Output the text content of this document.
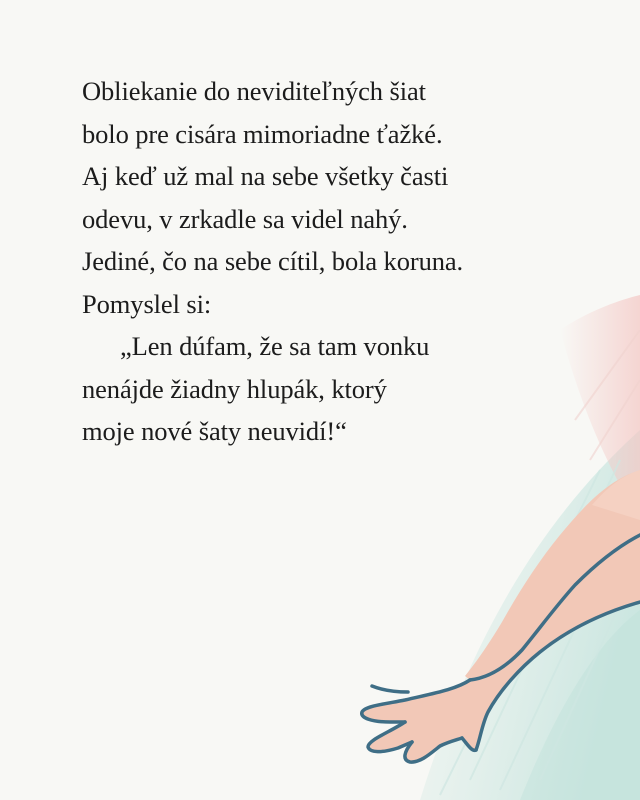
Obliekanie do neviditeľných šiat

bolo pre cisára mimoriadne ťažké.

Aj keď už mal na sebe všetky časti

odevu, v zrkadle sa videl nahý.

Jediné, čo na sebe cítil, bola koruna.

Pomyslel si:

„Len dúfam, že sa tam vonku

nenájde žiadny hlupák, ktorý

moje nové šaty neuvidí!“
